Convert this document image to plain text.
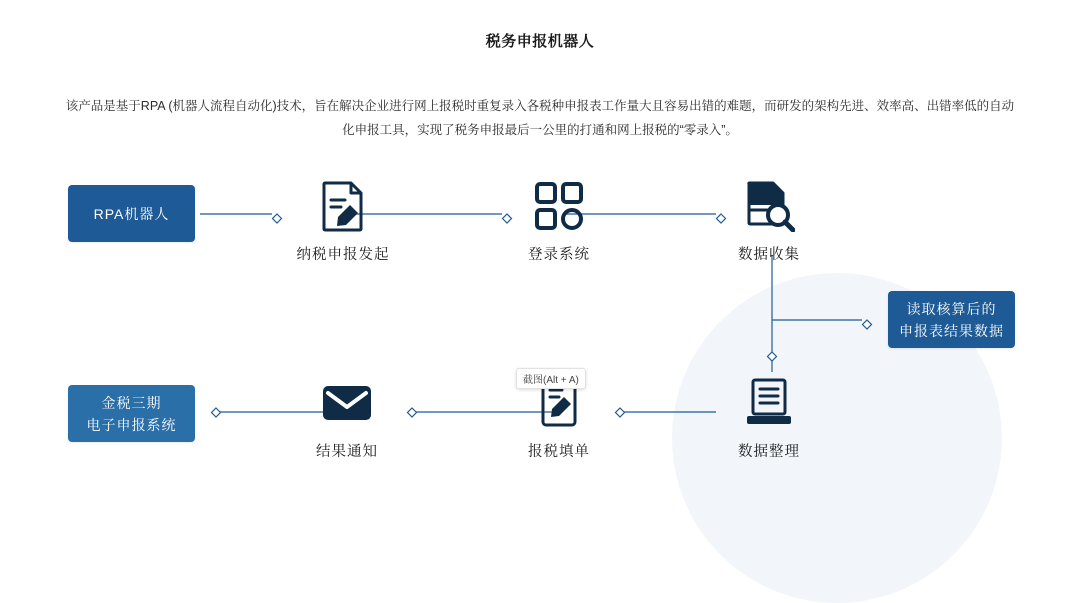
税务申报机器人
该产品是基于RPA (机器人流程自动化)技术，旨在解决企业进行网上报税时重复录入各税种申报表工作量大且容易出错的难题，而研发的架构先进、效率高、出错率低的自动化申报工具，实现了税务申报最后一公里的打通和网上报税的“零录入”。
RPA机器人
金税三期
电子申报系统
读取核算后的
申报表结果数据
纳税申报发起	登录系统	数据收集
数据整理
报税填单
结果通知
截图(Alt + A)
